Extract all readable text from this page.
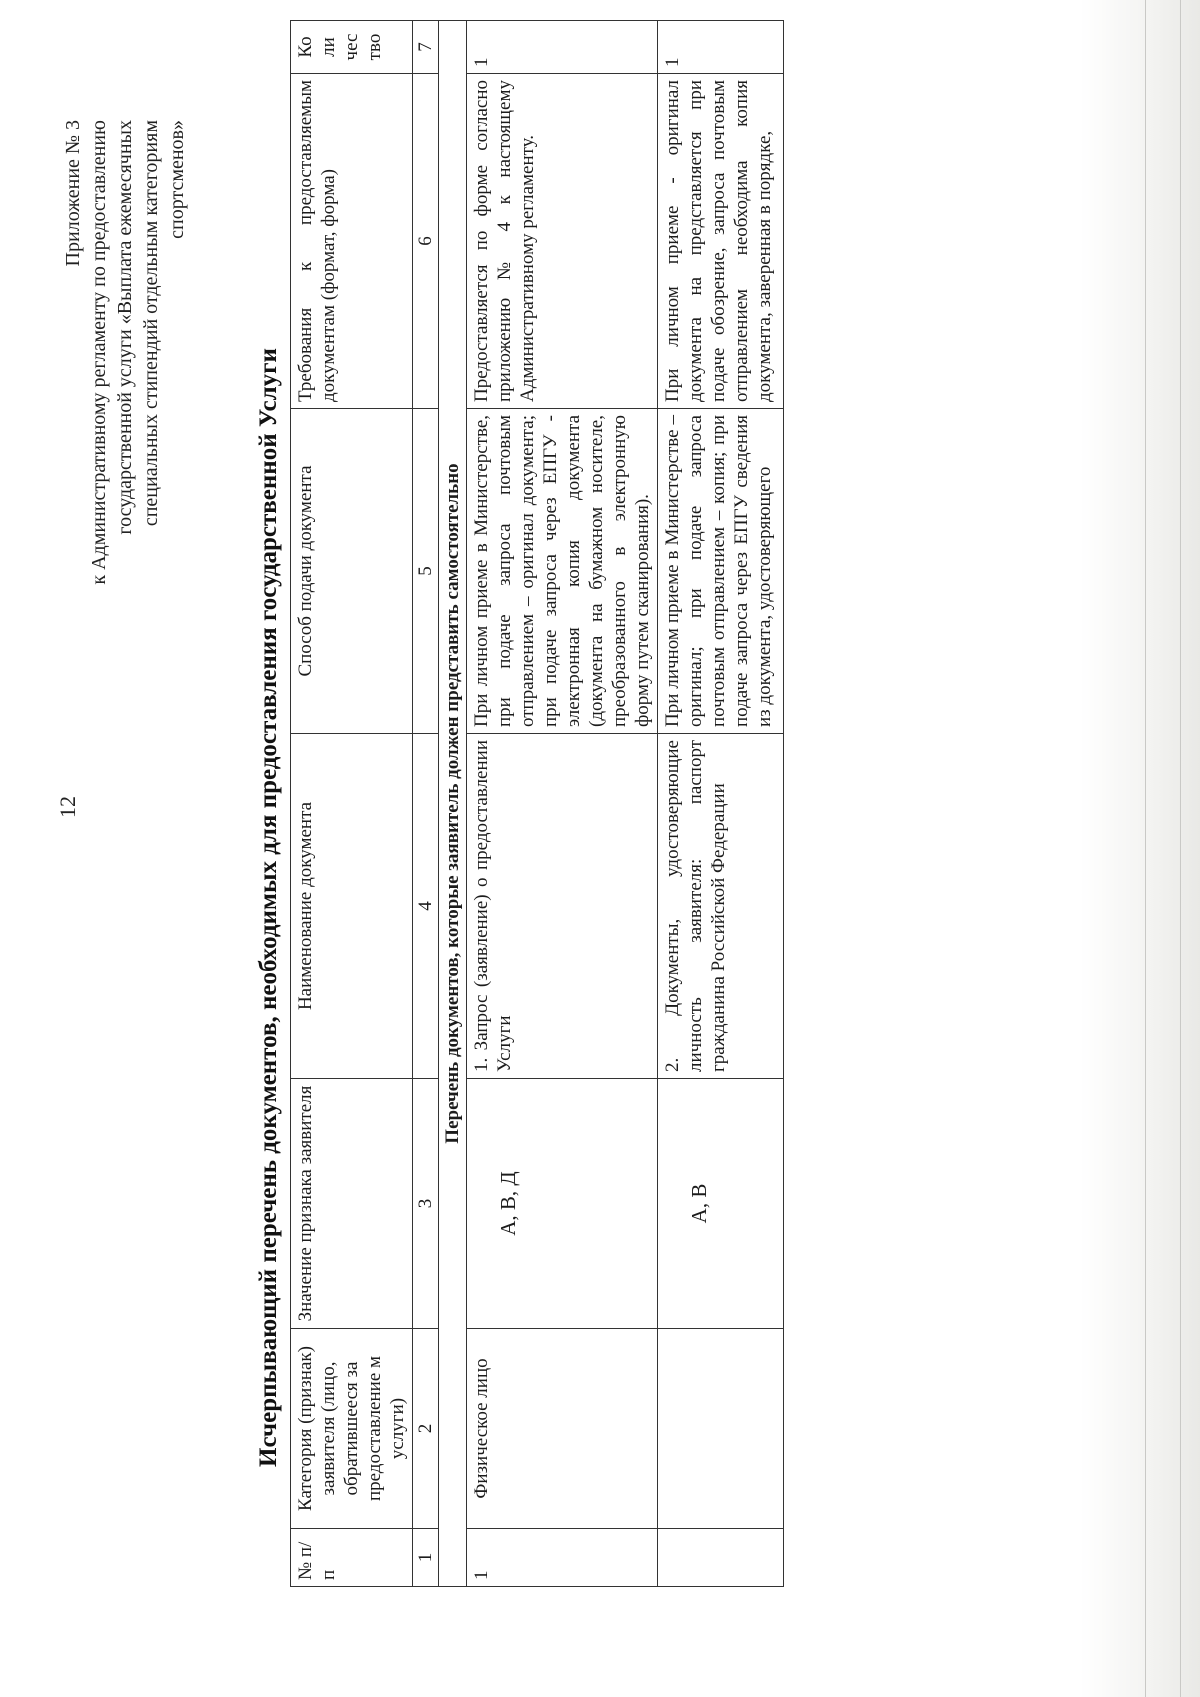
12
Приложение № 3 к Административному регламенту по предоставлению государственной услуги «Выплата ежемесячных специальных стипендий отдельным категориям спортсменов»
Исчерпывающий перечень документов, необходимых для предоставления государственной Услуги
№ п/п	Категория (признак) заявителя (лицо, обратившееся за предоставление м услуги)	Значение признака заявителя	Наименование документа	Способ подачи документа	Требования к предоставляемым документам (формат, форма)	Ко ли чес тво
1	2	3	4	5	6	7
Перечень документов, которые заявитель должен представить самостоятельно						
1	Физическое лицо	А, В, Д	1. Запрос (заявление) о предоставлении Услуги	При личном приеме в Министерстве, при подаче запроса почтовым отправлением – оригинал документа; при подаче запроса через ЕПГУ - электронная копия документа (документа на бумажном носителе, преобразованного в электронную форму путем сканирования).	Предоставляется по форме согласно приложению № 4 к настоящему Административному регламенту.	1
		А, В	2. Документы, удостоверяющие личность заявителя: паспорт гражданина Российской Федерации	При личном приеме в Министерстве – оригинал; при подаче запроса почтовым отправлением – копия; при подаче запроса через ЕПГУ сведения из документа, удостоверяющего	При личном приеме - оригинал документа на представляется при подаче обозрение, запроса почтовым отправлением необходима копия документа, заверенная в порядке,	1
